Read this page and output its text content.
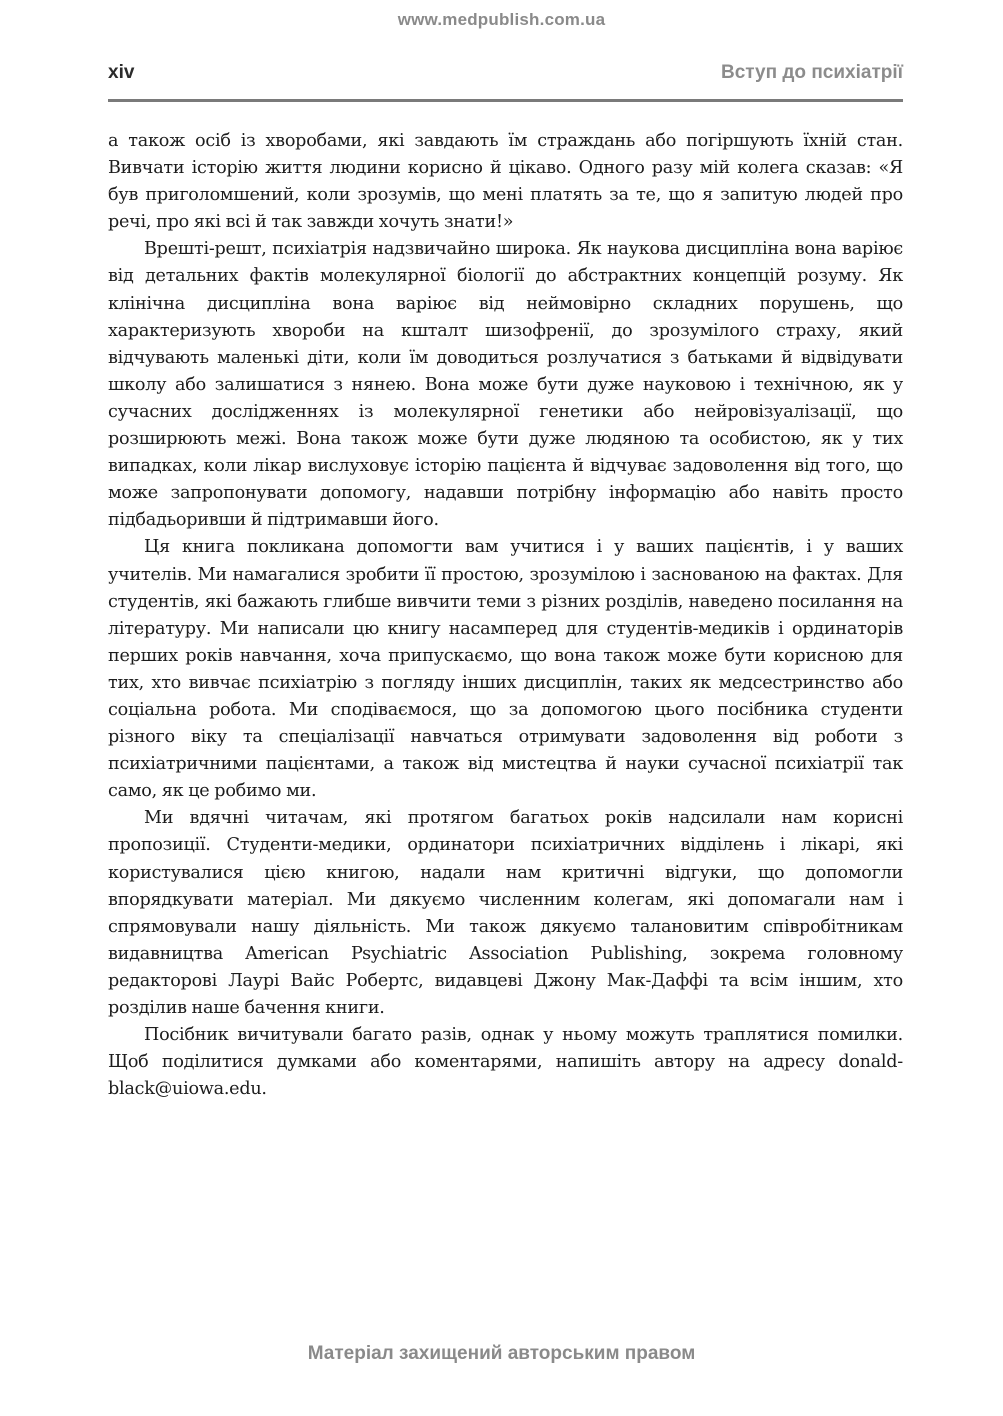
www.medpublish.com.ua
xiv	Вступ до психіатрії

а також осіб із хворобами, які завдають їм страждань або погіршують їхній стан. Вивчати історію життя людини корисно й цікаво. Одного разу мій колега сказав: «Я був приголомшений, коли зрозумів, що мені платять за те, що я запитую людей про речі, про які всі й так завжди хочуть знати!»

Врешті-решт, психіатрія надзвичайно широка. Як наукова дисципліна вона варіює від детальних фактів молекулярної біології до абстрактних концепцій розуму. Як клінічна дисципліна вона варіює від неймовірно складних порушень, що характеризують хвороби на кшталт шизофренії, до зрозумілого страху, який відчувають маленькі діти, коли їм доводиться розлучатися з батьками й відвідувати школу або залишатися з нянею. Вона може бути дуже науковою і технічною, як у сучасних дослідженнях із молекулярної генетики або нейровізуалізації, що розширюють межі. Вона також може бути дуже людяною та особистою, як у тих випадках, коли лікар вислуховує історію пацієнта й відчуває задоволення від того, що може запропонувати допомогу, надавши потрібну інформацію або навіть просто підбадьоривши й підтримавши його.

Ця книга покликана допомогти вам учитися і у ваших пацієнтів, і у ваших учителів. Ми намагалися зробити її простою, зрозумілою і заснованою на фактах. Для студентів, які бажають глибше вивчити теми з різних розділів, наведено посилання на літературу. Ми написали цю книгу насамперед для студентів-медиків і ординаторів перших років навчання, хоча припускаємо, що вона також може бути корисною для тих, хто вивчає психіатрію з погляду інших дисциплін, таких як медсестринство або соціальна робота. Ми сподіваємося, що за допомогою цього посібника студенти різного віку та спеціалізації навчаться отримувати задоволення від роботи з психіатричними пацієнтами, а також від мистецтва й науки сучасної психіатрії так само, як це робимо ми.

Ми вдячні читачам, які протягом багатьох років надсилали нам корисні пропозиції. Студенти-медики, ординатори психіатричних відділень і лікарі, які користувалися цією книгою, надали нам критичні відгуки, що допомогли впорядкувати матеріал. Ми дякуємо численним колегам, які допомагали нам і спрямовували нашу діяльність. Ми також дякуємо талановитим співробітникам видавництва American Psychiatric Association Publishing, зокрема головному редакторові Лаурі Вайс Робертс, видавцеві Джону Мак-Даффі та всім іншим, хто розділив наше бачення книги.

Посібник вичитували багато разів, однак у ньому можуть траплятися помилки. Щоб поділитися думками або коментарями, напишіть автору на адресу donald-black@uiowa.edu.

Матеріал захищений авторським правом
